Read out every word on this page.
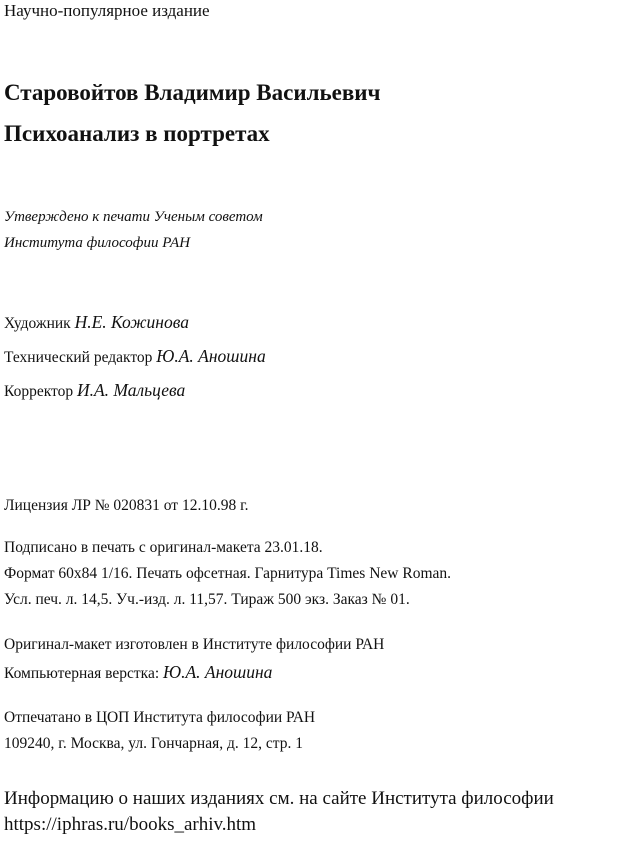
Научно-популярное издание
Старовойтов Владимир Васильевич
Психоанализ в портретах
Утверждено к печати Ученым советом
Института философии РАН
Художник Н.Е. Кожинова
Технический редактор Ю.А. Аношина
Корректор И.А. Мальцева
Лицензия ЛР № 020831 от 12.10.98 г.
Подписано в печать с оригинал-макета 23.01.18.
Формат 60x84 1/16. Печать офсетная. Гарнитура Times New Roman.
Усл. печ. л. 14,5. Уч.-изд. л. 11,57. Тираж 500 экз. Заказ № 01.
Оригинал-макет изготовлен в Институте философии РАН
Компьютерная верстка: Ю.А. Аношина
Отпечатано в ЦОП Института философии РАН
109240, г. Москва, ул. Гончарная, д. 12, стр. 1
Информацию о наших изданиях см. на сайте Института философии
https://iphras.ru/books_arhiv.htm
